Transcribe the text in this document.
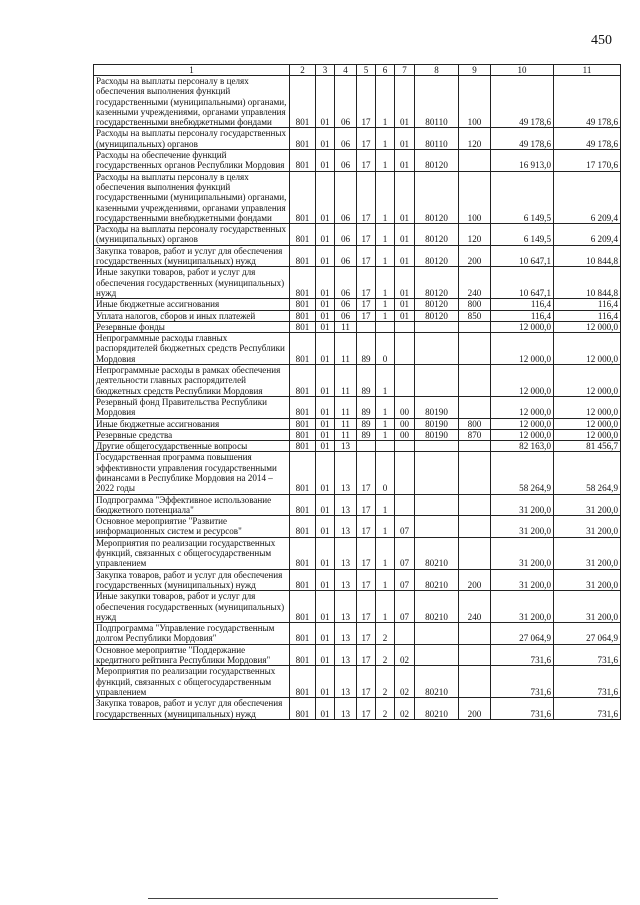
450
1	2	3	4	5	6	7	8	9	10	11
Расходы на выплаты персоналу в целях обеспечения выполнения функций государственными (муниципальными) органами, казенными учреждениями, органами управления государственными внебюджетными фондами	801	01	06	17	1	01	80110	100	49 178,6	49 178,6
Расходы на выплаты персоналу государственных (муниципальных) органов	801	01	06	17	1	01	80110	120	49 178,6	49 178,6
Расходы на обеспечение функций государственных органов Республики Мордовия	801	01	06	17	1	01	80120		16 913,0	17 170,6
Расходы на выплаты персоналу в целях обеспечения выполнения функций государственными (муниципальными) органами, казенными учреждениями, органами управления государственными внебюджетными фондами	801	01	06	17	1	01	80120	100	6 149,5	6 209,4
Расходы на выплаты персоналу государственных (муниципальных) органов	801	01	06	17	1	01	80120	120	6 149,5	6 209,4
Закупка товаров, работ и услуг для обеспечения государственных (муниципальных) нужд	801	01	06	17	1	01	80120	200	10 647,1	10 844,8
Иные закупки товаров, работ и услуг для обеспечения государственных (муниципальных) нужд	801	01	06	17	1	01	80120	240	10 647,1	10 844,8
Иные бюджетные ассигнования	801	01	06	17	1	01	80120	800	116,4	116,4
Уплата налогов, сборов и иных платежей	801	01	06	17	1	01	80120	850	116,4	116,4
Резервные фонды	801	01	11						12 000,0	12 000,0
Непрограммные расходы главных распорядителей бюджетных средств Республики Мордовия	801	01	11	89	0				12 000,0	12 000,0
Непрограммные расходы в рамках обеспечения деятельности главных распорядителей бюджетных средств Республики Мордовия	801	01	11	89	1				12 000,0	12 000,0
Резервный фонд Правительства Республики Мордовия	801	01	11	89	1	00	80190		12 000,0	12 000,0
Иные бюджетные ассигнования	801	01	11	89	1	00	80190	800	12 000,0	12 000,0
Резервные средства	801	01	11	89	1	00	80190	870	12 000,0	12 000,0
Другие общегосударственные вопросы	801	01	13						82 163,0	81 456,7
Государственная программа повышения эффективности управления государственными финансами в Республике Мордовия на 2014 – 2022 годы	801	01	13	17	0				58 264,9	58 264,9
Подпрограмма "Эффективное использование бюджетного потенциала"	801	01	13	17	1				31 200,0	31 200,0
Основное мероприятие "Развитие информационных систем и ресурсов"	801	01	13	17	1	07			31 200,0	31 200,0
Мероприятия по реализации государственных функций, связанных с общегосударственным управлением	801	01	13	17	1	07	80210		31 200,0	31 200,0
Закупка товаров, работ и услуг для обеспечения государственных (муниципальных) нужд	801	01	13	17	1	07	80210	200	31 200,0	31 200,0
Иные закупки товаров, работ и услуг для обеспечения государственных (муниципальных) нужд	801	01	13	17	1	07	80210	240	31 200,0	31 200,0
Подпрограмма "Управление государственным долгом Республики Мордовия"	801	01	13	17	2				27 064,9	27 064,9
Основное мероприятие "Поддержание кредитного рейтинга Республики Мордовия"	801	01	13	17	2	02			731,6	731,6
Мероприятия по реализации государственных функций, связанных с общегосударственным управлением	801	01	13	17	2	02	80210		731,6	731,6
Закупка товаров, работ и услуг для обеспечения государственных (муниципальных) нужд	801	01	13	17	2	02	80210	200	731,6	731,6
